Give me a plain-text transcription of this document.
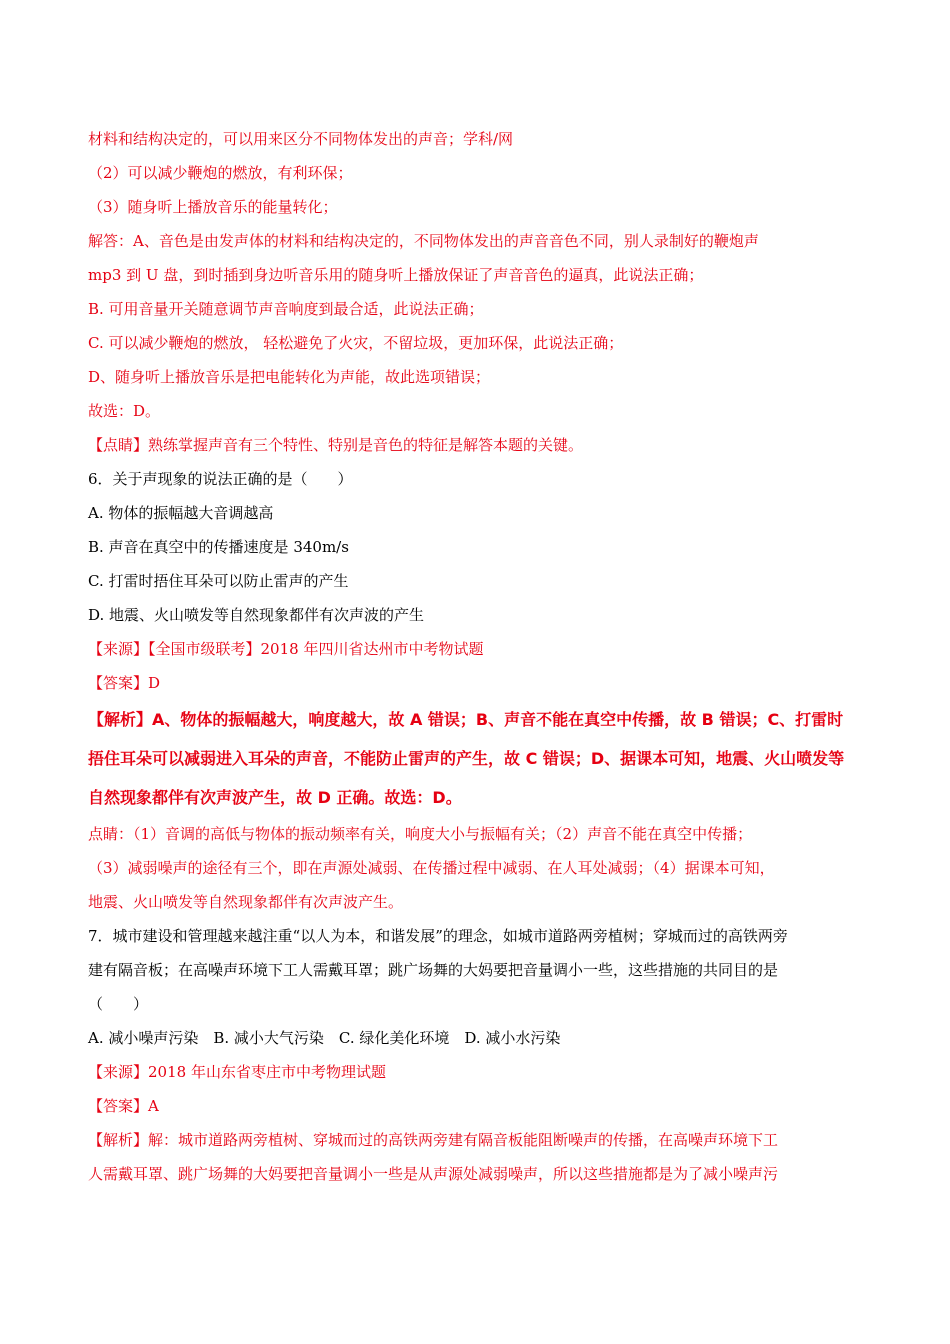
材料和结构决定的，可以用来区分不同物体发出的声音；学科/网
（2）可以减少鞭炮的燃放，有利环保；
（3）随身听上播放音乐的能量转化；
解答：A、音色是由发声体的材料和结构决定的，不同物体发出的声音音色不同，别人录制好的鞭炮声
mp3 到 U 盘，到时插到身边听音乐用的随身听上播放保证了声音音色的逼真，此说法正确；
B. 可用音量开关随意调节声音响度到最合适，此说法正确；
C. 可以减少鞭炮的燃放， 轻松避免了火灾，不留垃圾，更加环保，此说法正确；
D、随身听上播放音乐是把电能转化为声能，故此选项错误；
故选：D。
【点睛】熟练掌握声音有三个特性、特别是音色的特征是解答本题的关键。
6．关于声现象的说法正确的是（　　）
A. 物体的振幅越大音调越高
B. 声音在真空中的传播速度是 340m/s
C. 打雷时捂住耳朵可以防止雷声的产生
D. 地震、火山喷发等自然现象都伴有次声波的产生
【来源】【全国市级联考】2018 年四川省达州市中考物试题
【答案】D
【解析】A、物体的振幅越大，响度越大，故 A 错误；B、声音不能在真空中传播，故 B 错误；C、打雷时
捂住耳朵可以减弱进入耳朵的声音，不能防止雷声的产生，故 C 错误；D、据课本可知，地震、火山喷发等
自然现象都伴有次声波产生，故 D 正确。故选：D。
点睛：（1）音调的高低与物体的振动频率有关，响度大小与振幅有关；（2）声音不能在真空中传播；
（3）减弱噪声的途径有三个，即在声源处减弱、在传播过程中减弱、在人耳处减弱；（4）据课本可知，
地震、火山喷发等自然现象都伴有次声波产生。
7．城市建设和管理越来越注重“以人为本，和谐发展”的理念，如城市道路两旁植树；穿城而过的高铁两旁
建有隔音板；在高噪声环境下工人需戴耳罩；跳广场舞的大妈要把音量调小一些，这些措施的共同目的是
（　　）
A. 减小噪声污染　B. 减小大气污染　C. 绿化美化环境　D. 减小水污染
【来源】2018 年山东省枣庄市中考物理试题
【答案】A
【解析】解：城市道路两旁植树、穿城而过的高铁两旁建有隔音板能阻断噪声的传播，在高噪声环境下工
人需戴耳罩、跳广场舞的大妈要把音量调小一些是从声源处减弱噪声，所以这些措施都是为了减小噪声污
